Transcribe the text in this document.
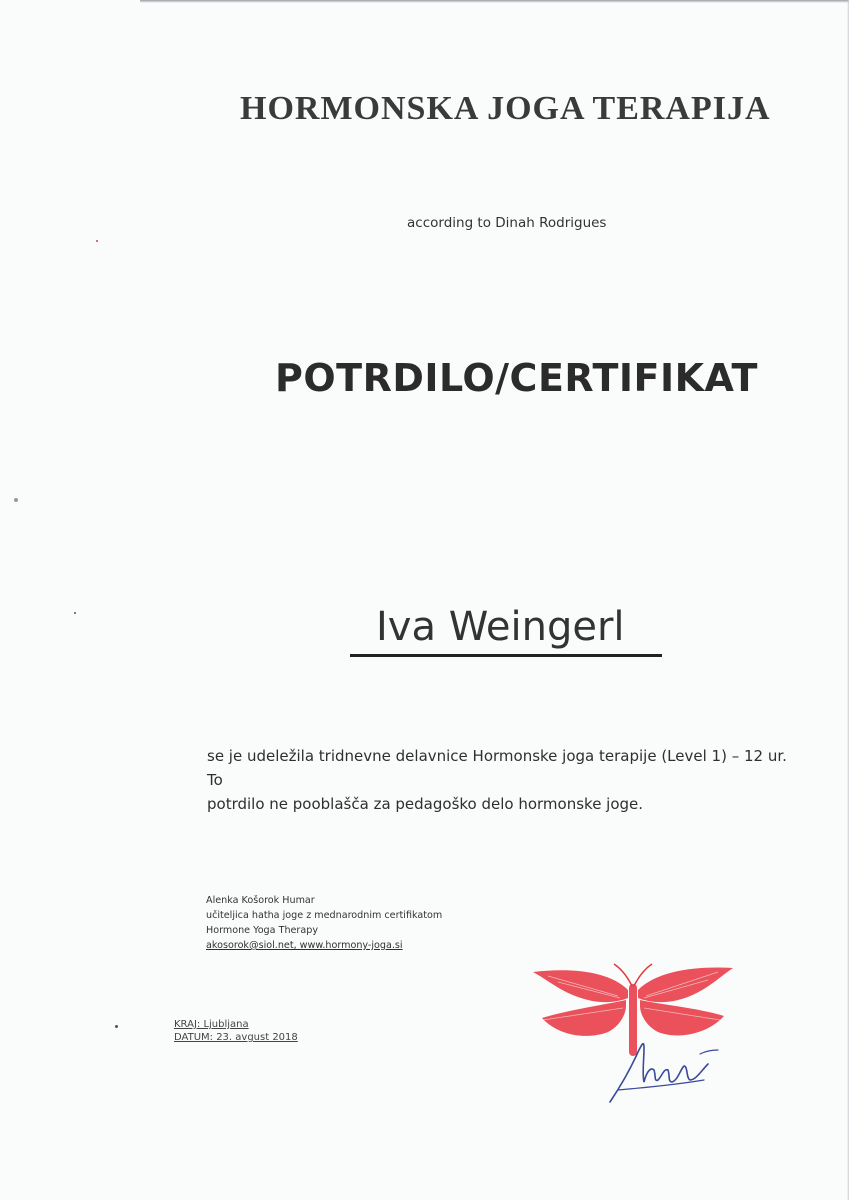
HORMONSKA JOGA TERAPIJA
according to Dinah Rodrigues
POTRDILO/CERTIFIKAT
Iva Weingerl
se je udeležila tridnevne delavnice Hormonske joga terapije (Level 1) – 12 ur. To
potrdilo ne pooblašča za pedagoško delo hormonske joge.
Alenka Košorok Humar
učiteljica hatha joge z mednarodnim certifikatom
Hormone Yoga Therapy
akosorok@siol.net, www.hormony-joga.si
KRAJ: Ljubljana
DATUM: 23. avgust 2018
